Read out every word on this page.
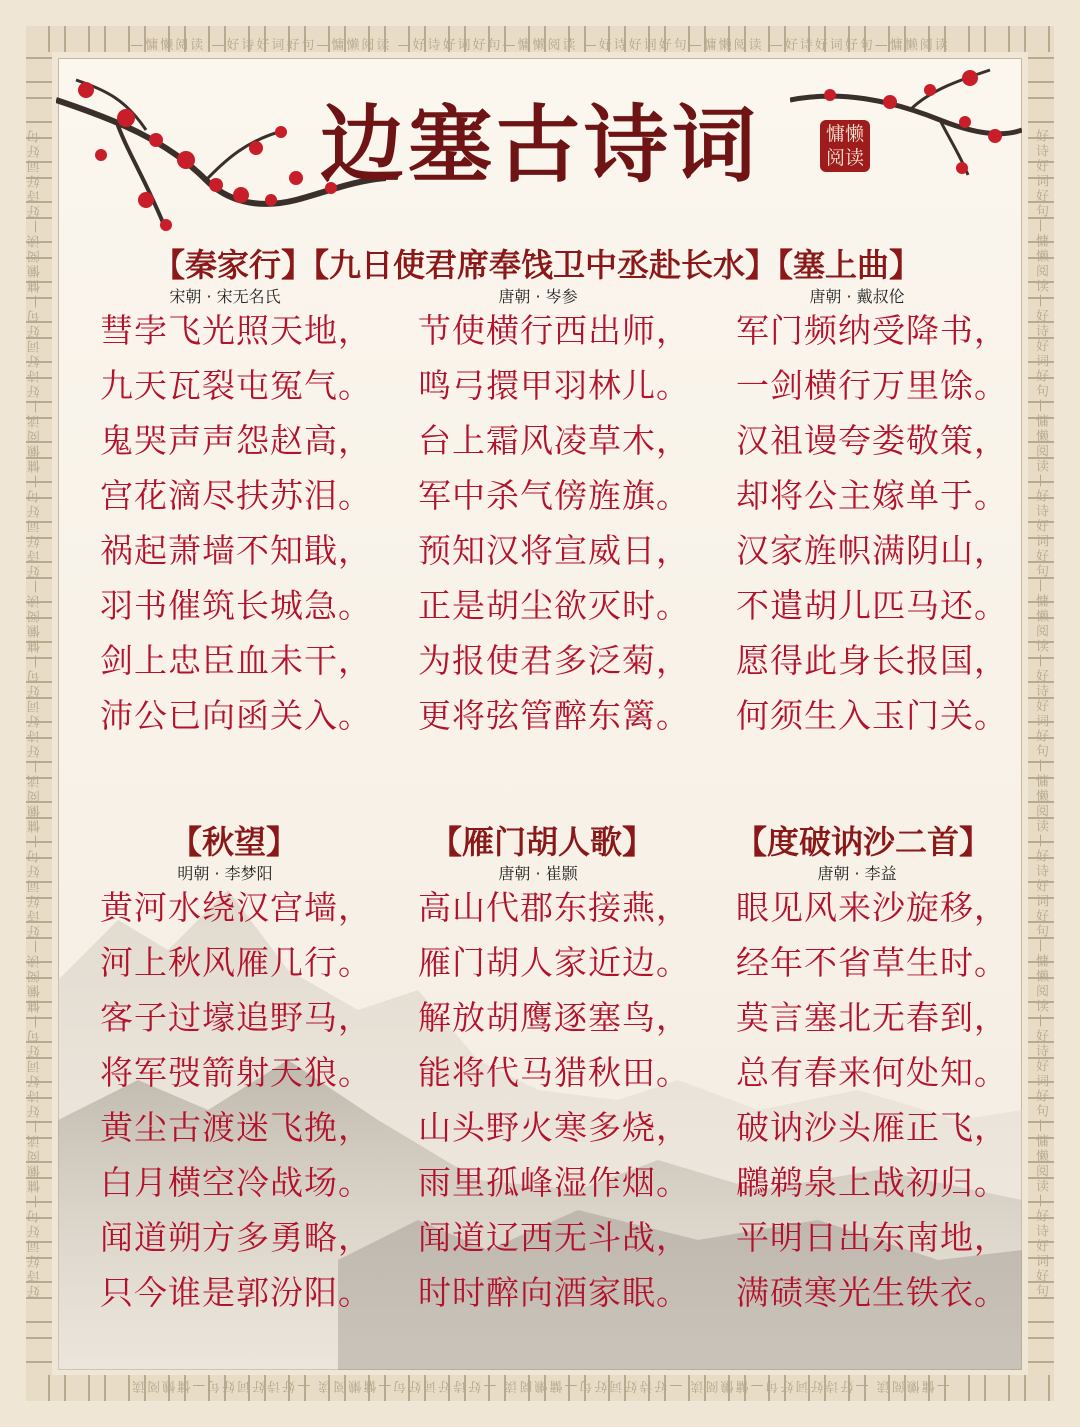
—慵懒阅读 —好诗好词好句—慵懒阅读 —好诗好词好句—慵懒阅读 —好诗好词好句—慵懒阅读 —好诗好词好句—慵懒阅读
—慵懒阅读 —好诗好词好句—慵懒阅读 —好诗好词好句—慵懒阅读 —好诗好词好句—慵懒阅读 —好诗好词好句—慵懒阅读
好诗好词好句—慵懒阅读—好诗好词好句—慵懒阅读—好诗好词好句—慵懒阅读—好诗好词好句—慵懒阅读—好诗好词好句—慵懒阅读—好诗好词好句—慵懒阅读—好诗好词好句	好诗好词好句—慵懒阅读—好诗好词好句—慵懒阅读—好诗好词好句—慵懒阅读—好诗好词好句—慵懒阅读—好诗好词好句—慵懒阅读—好诗好词好句—慵懒阅读—好诗好词好句
边塞古诗词	慵懒
阅读
【秦家行】【九日使君席奉饯卫中丞赴长水】【塞上曲】
宋朝 · 宋无名氏	唐朝 · 岑参	唐朝 · 戴叔伦
彗孛飞光照天地，
九天瓦裂屯冤气。
鬼哭声声怨赵高，
宫花滴尽扶苏泪。
祸起萧墙不知戢，
羽书催筑长城急。
剑上忠臣血未干，
沛公已向函关入。
节使横行西出师，
鸣弓擐甲羽林儿。
台上霜风凌草木，
军中杀气傍旌旗。
预知汉将宣威日，
正是胡尘欲灭时。
为报使君多泛菊，
更将弦管醉东篱。
军门频纳受降书，
一剑横行万里馀。
汉祖谩夸娄敬策，
却将公主嫁单于。
汉家旌帜满阴山，
不遣胡儿匹马还。
愿得此身长报国，
何须生入玉门关。
【秋望】	【雁门胡人歌】	【度破讷沙二首】
明朝 · 李梦阳	唐朝 · 崔颢	唐朝 · 李益
黄河水绕汉宫墙，
河上秋风雁几行。
客子过壕追野马，
将军弢箭射天狼。
黄尘古渡迷飞挽，
白月横空冷战场。
闻道朔方多勇略，
只今谁是郭汾阳。
高山代郡东接燕，
雁门胡人家近边。
解放胡鹰逐塞鸟，
能将代马猎秋田。
山头野火寒多烧，
雨里孤峰湿作烟。
闻道辽西无斗战，
时时醉向酒家眠。
眼见风来沙旋移，
经年不省草生时。
莫言塞北无春到，
总有春来何处知。
破讷沙头雁正飞，
鸊鹈泉上战初归。
平明日出东南地，
满碛寒光生铁衣。
